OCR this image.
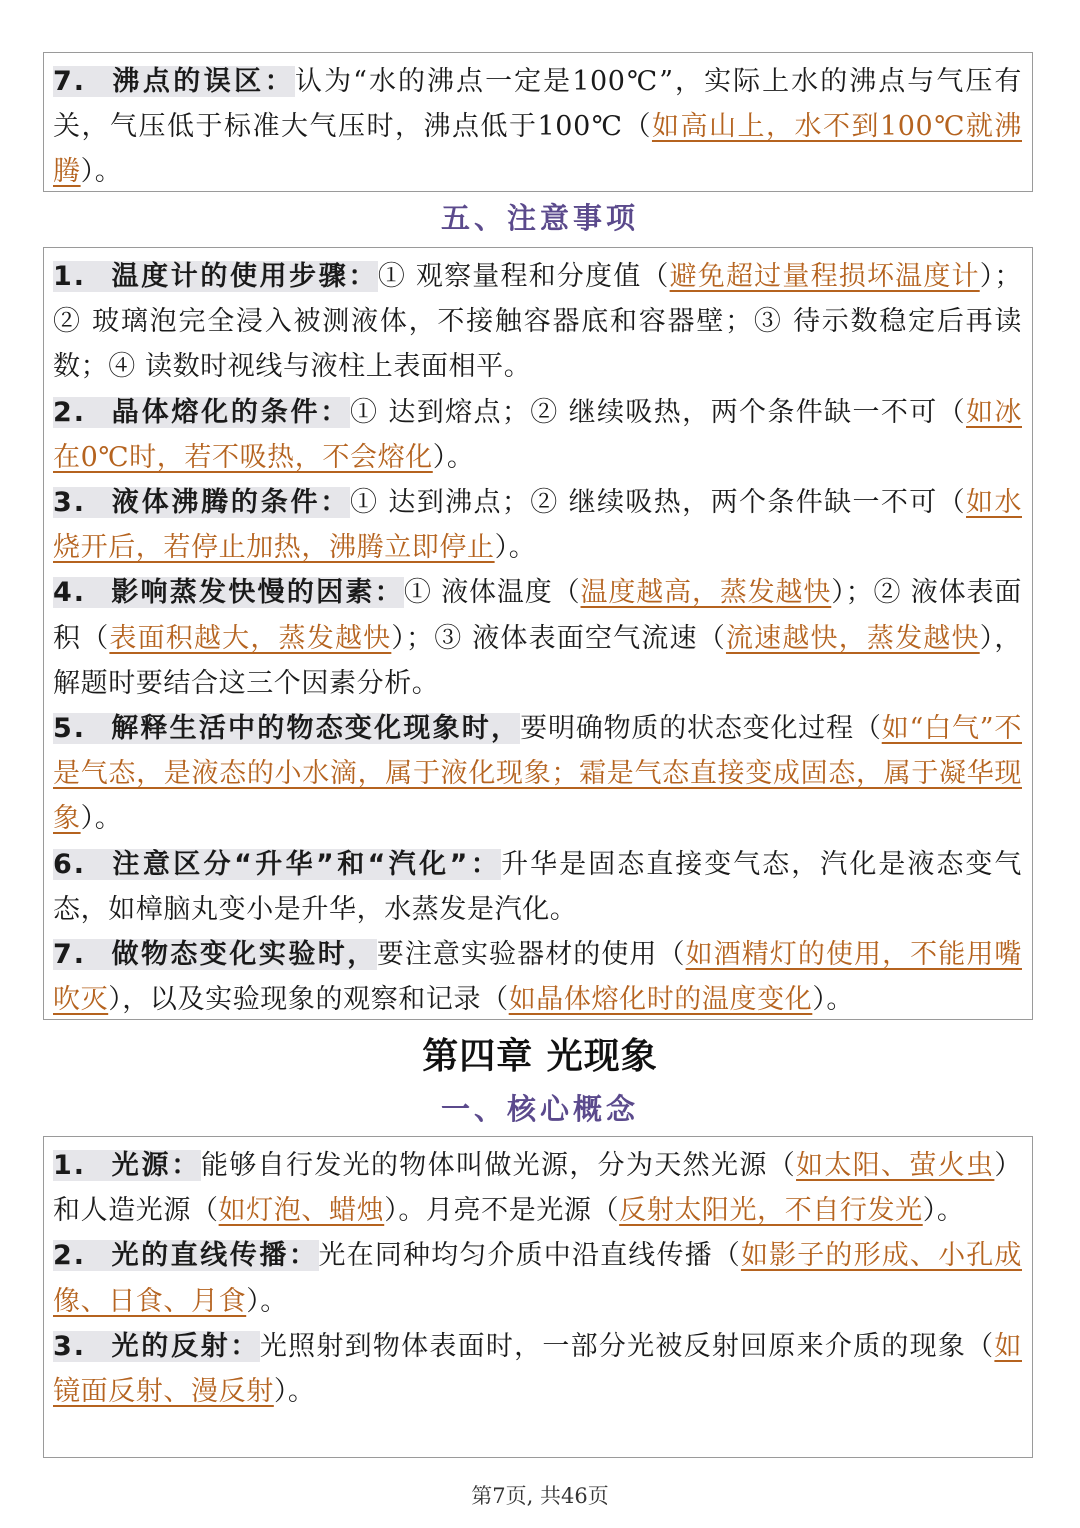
7. 沸点的误区：认为“水的沸点一定是100℃”，实际上水的沸点与气压有关，气压低于标准大气压时，沸点低于100℃（如高山上，水不到100℃就沸腾）。
五、注意事项
1. 温度计的使用步骤：① 观察量程和分度值（避免超过量程损坏温度计）；② 玻璃泡完全浸入被测液体，不接触容器底和容器壁；③ 待示数稳定后再读数；④ 读数时视线与液柱上表面相平。
2. 晶体熔化的条件：① 达到熔点；② 继续吸热，两个条件缺一不可（如冰在0℃时，若不吸热，不会熔化）。
3. 液体沸腾的条件：① 达到沸点；② 继续吸热，两个条件缺一不可（如水烧开后，若停止加热，沸腾立即停止）。
4. 影响蒸发快慢的因素：① 液体温度（温度越高，蒸发越快）；② 液体表面积（表面积越大，蒸发越快）；③ 液体表面空气流速（流速越快，蒸发越快），解题时要结合这三个因素分析。
5. 解释生活中的物态变化现象时，要明确物质的状态变化过程（如“白气”不是气态，是液态的小水滴，属于液化现象；霜是气态直接变成固态，属于凝华现象）。
6. 注意区分“升华”和“汽化”：升华是固态直接变气态，汽化是液态变气态，如樟脑丸变小是升华，水蒸发是汽化。
7. 做物态变化实验时，要注意实验器材的使用（如酒精灯的使用，不能用嘴吹灭），以及实验现象的观察和记录（如晶体熔化时的温度变化）。
第四章 光现象
一、核心概念
1. 光源：能够自行发光的物体叫做光源，分为天然光源（如太阳、萤火虫）和人造光源（如灯泡、蜡烛）。月亮不是光源（反射太阳光，不自行发光）。
2. 光的直线传播：光在同种均匀介质中沿直线传播（如影子的形成、小孔成像、日食、月食）。
3. 光的反射：光照射到物体表面时，一部分光被反射回原来介质的现象（如镜面反射、漫反射）。
第7页, 共46页
